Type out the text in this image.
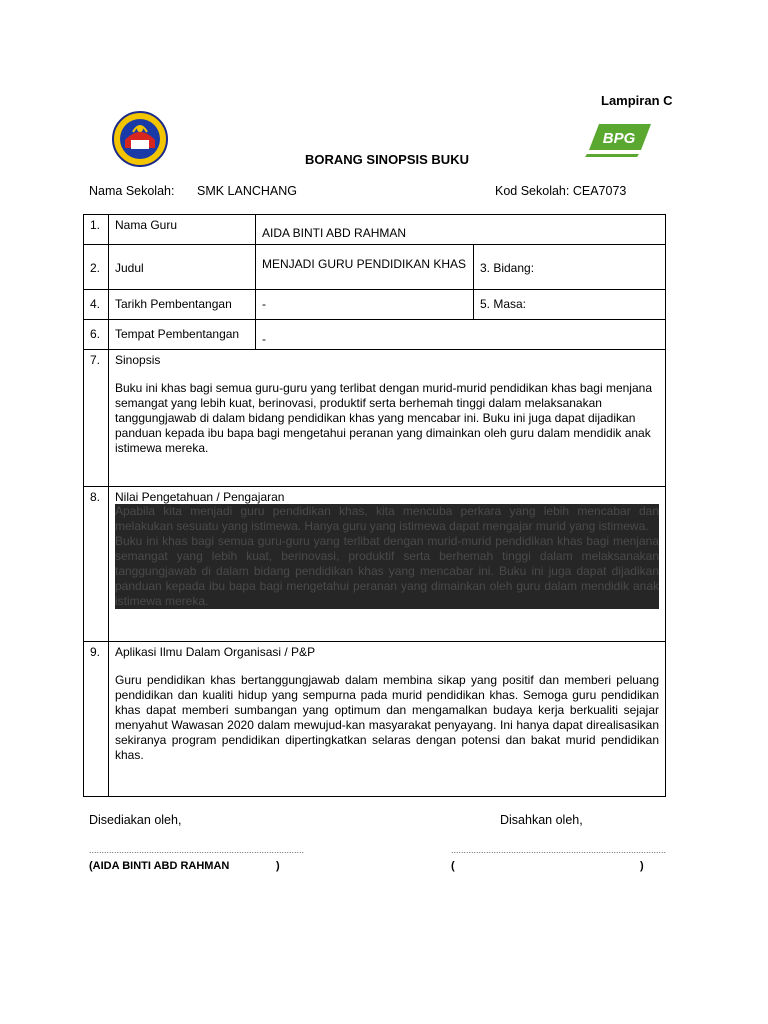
Lampiran C
BPG
BORANG SINOPSIS BUKU
Nama Sekolah: SMK LANCHANG	Kod Sekolah: CEA7073
1.	Nama Guru	AIDA BINTI ABD RAHMAN	
2.	Judul	MENJADI GURU PENDIDIKAN KHAS	3. Bidang:
4.	Tarikh Pembentangan	-	5. Masa:
6.	Tempat Pembentangan	-	
7.	Sinopsis
Buku ini khas bagi semua guru-guru yang terlibat dengan murid-murid pendidikan khas bagi menjana semangat yang lebih kuat, berinovasi, produktif serta berhemah tinggi dalam melaksanakan tanggungjawab di dalam bidang pendidikan khas yang mencabar ini. Buku ini juga dapat dijadikan panduan kepada ibu bapa bagi mengetahui peranan yang dimainkan oleh guru dalam mendidik anak istimewa mereka.		

8.	Nilai Pengetahuan / Pengajaran
Apabila kita menjadi guru pendidikan khas, kita mencuba perkara yang lebih mencabar dan melakukan sesuatu yang istimewa. Hanya guru yang istimewa dapat mengajar murid yang istimewa.
Buku ini khas bagi semua guru-guru yang terlibat dengan murid-murid pendidikan khas bagi menjana semangat yang lebih kuat, berinovasi, produktif serta berhemah tinggi dalam melaksanakan tanggungjawab di dalam bidang pendidikan khas yang mencabar ini. Buku ini juga dapat dijadikan panduan kepada ibu bapa bagi mengetahui peranan yang dimainkan oleh guru dalam mendidik anak istimewa mereka.		

9.	Aplikasi Ilmu Dalam Organisasi / P&P
Guru pendidikan khas bertanggungjawab dalam membina sikap yang positif dan memberi peluang pendidikan dan kualiti hidup yang sempurna pada murid pendidikan khas. Semoga guru pendidikan khas dapat memberi sumbangan yang optimum dan mengamalkan budaya kerja berkualiti sejajar menyahut Wawasan 2020 dalam mewujud-kan masyarakat penyayang. Ini hanya dapat direalisasikan sekiranya program pendidikan dipertingkatkan selaras dengan potensi dan bakat murid pendidikan khas.		
Disediakan oleh,	Disahkan oleh,
......................................................................................	......................................................................................
(AIDA BINTI ABD RAHMAN	)	(	)
